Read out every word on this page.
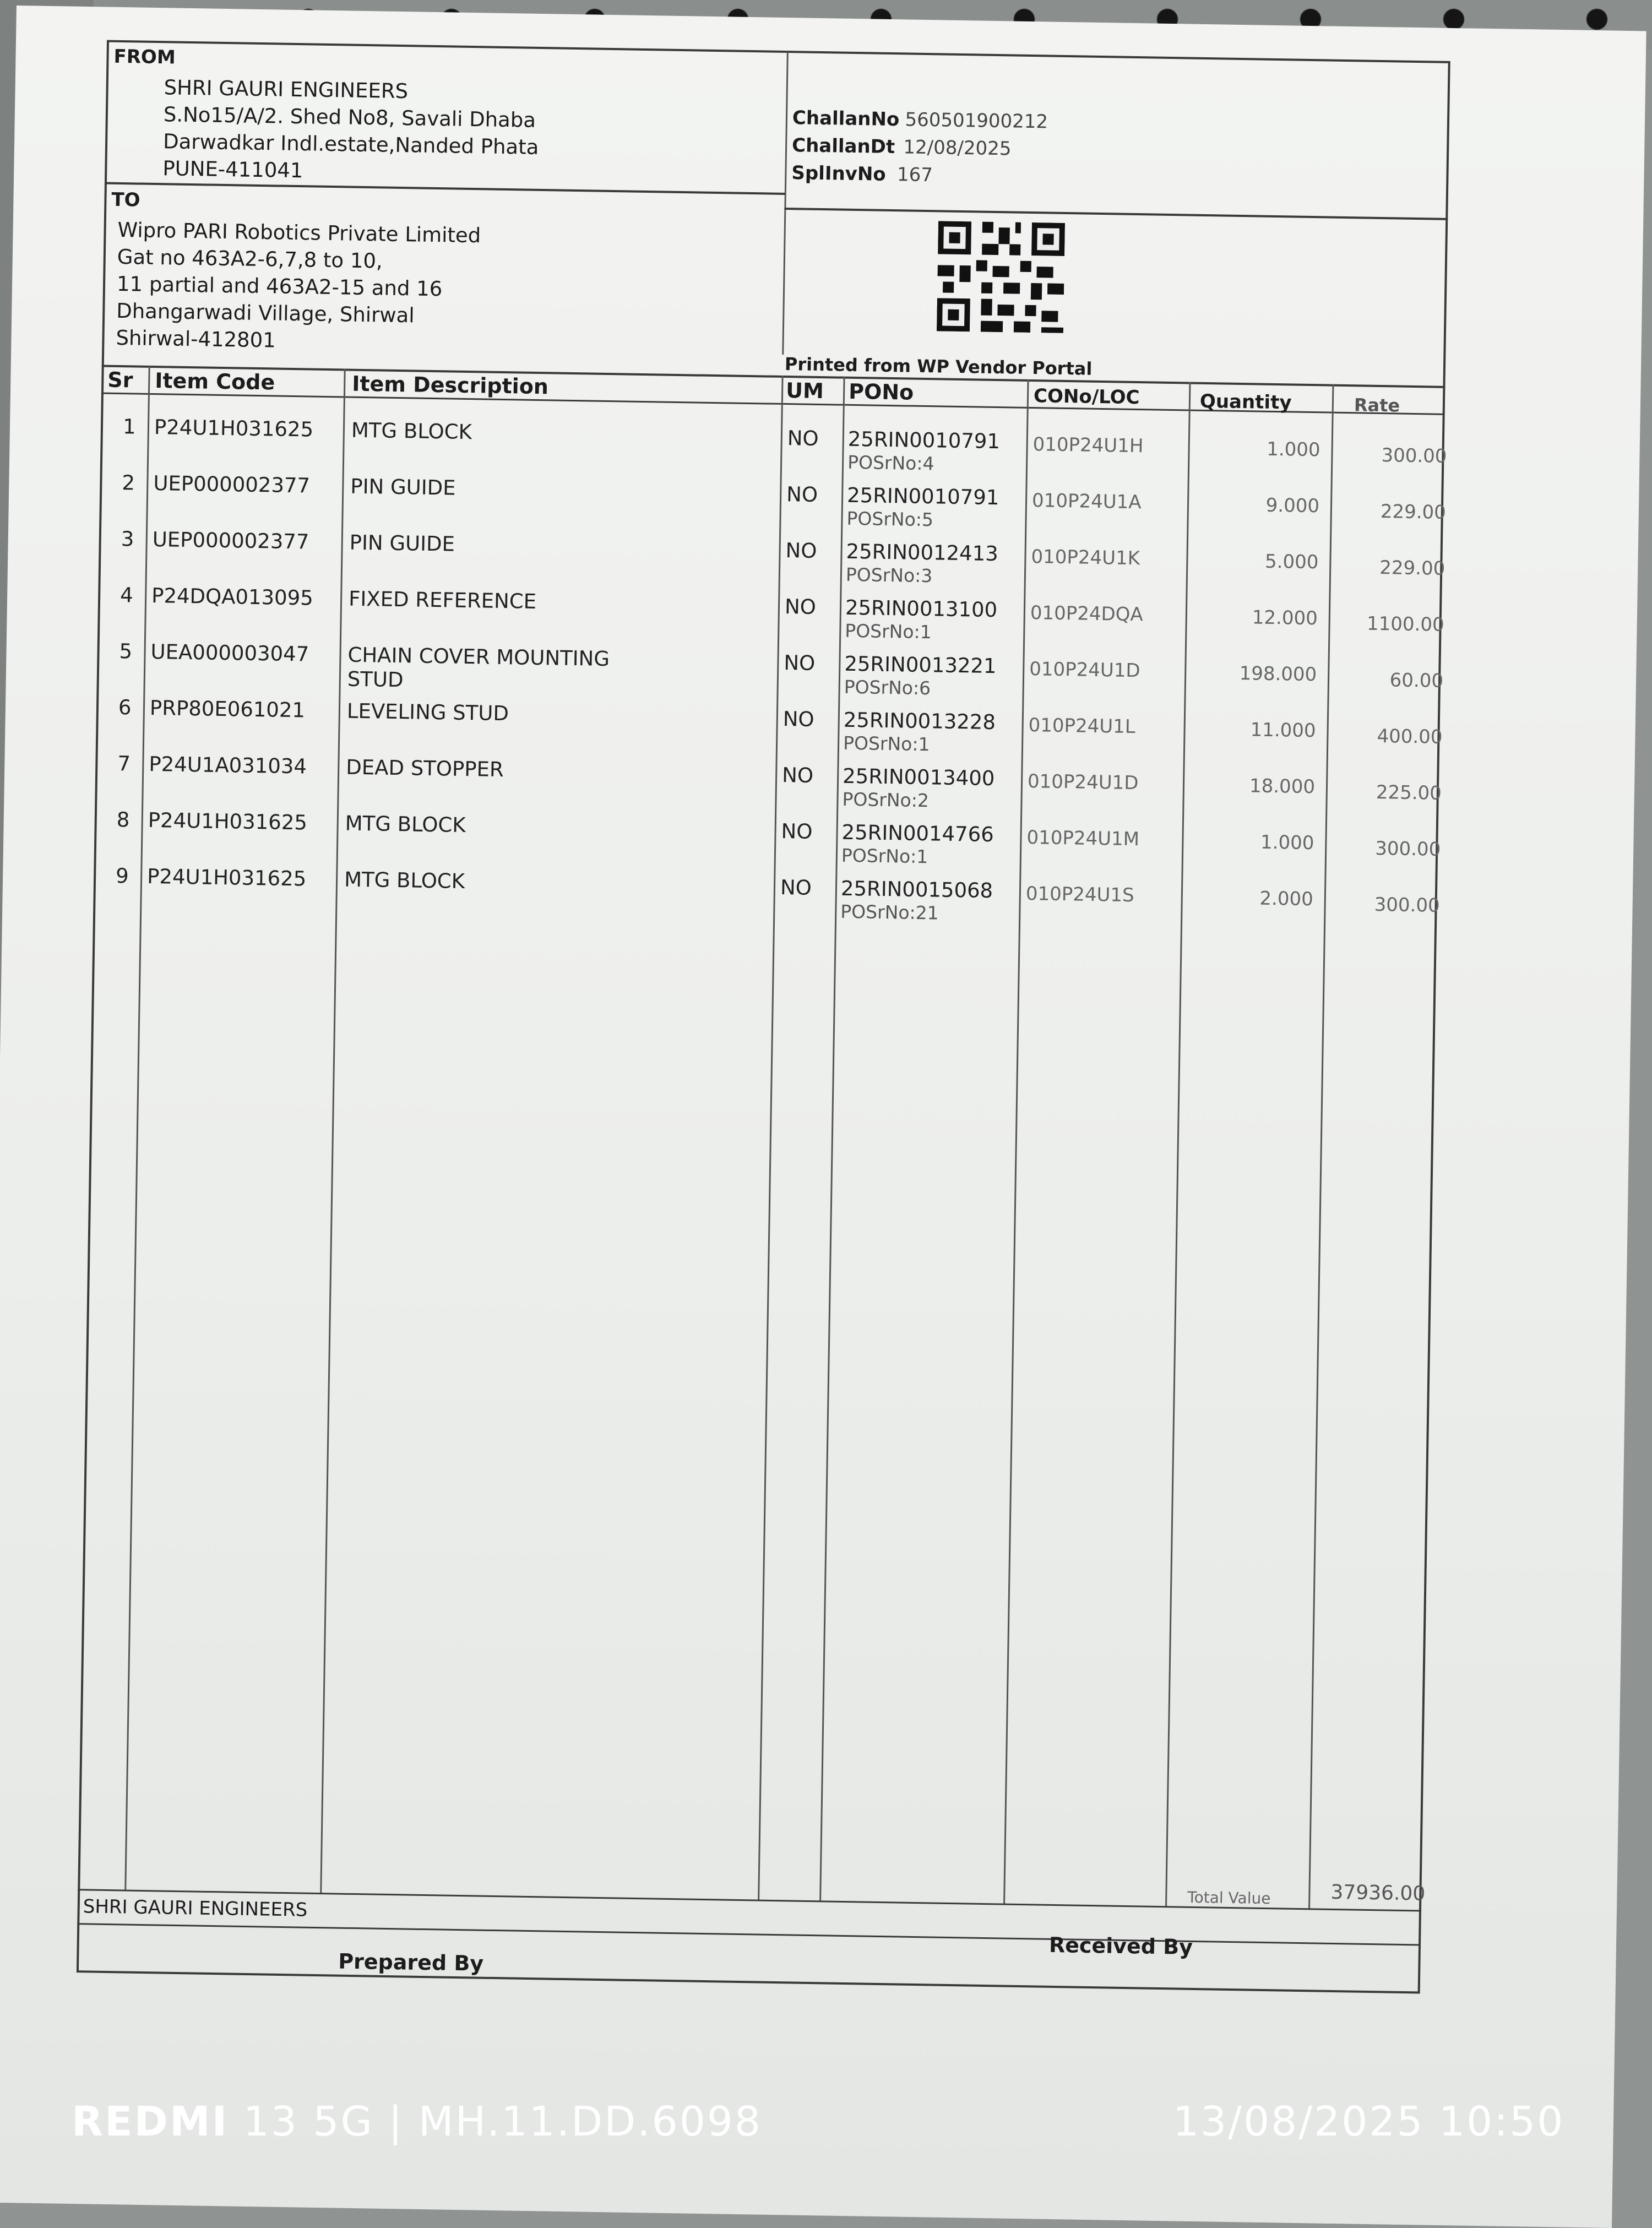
FROM
SHRI GAURI ENGINEERS
S.No15/A/2. Shed No8, Savali Dhaba
Darwadkar Indl.estate,Nanded Phata
PUNE-411041
ChallanNo 560501900212
ChallanDt 12/08/2025
SplInvNo 167
TO
Wipro PARI Robotics Private Limited
Gat no 463A2-6,7,8 to 10,
11 partial and 463A2-15 and 16
Dhangarwadi Village, Shirwal
Shirwal-412801
Printed from WP Vendor Portal
Sr Item Code	Item Description	UM PONo	CONo/LOC	Quantity	Rate
1 P24U1H031625 MTG BLOCK	NO 25RIN0010791
POSrNo:4
010P24U1H	1.000	300.00
2 UEP000002377 PIN GUIDE	NO 25RIN0010791
POSrNo:5
010P24U1A	9.000	229.00
3 UEP000002377 PIN GUIDE	NO 25RIN0012413
POSrNo:3
010P24U1K	5.000	229.00
4 P24DQA013095 FIXED REFERENCE	NO 25RIN0013100
POSrNo:1
010P24DQA	12.000	1100.00
5 UEA000003047 CHAIN COVER MOUNTING
STUD
NO 25RIN0013221
POSrNo:6
010P24U1D	198.000	60.00
6 PRP80E061021 LEVELING STUD	NO 25RIN0013228
POSrNo:1
010P24U1L	11.000	400.00
7 P24U1A031034 DEAD STOPPER	NO 25RIN0013400
POSrNo:2
010P24U1D	18.000	225.00
8 P24U1H031625 MTG BLOCK	NO 25RIN0014766
POSrNo:1
010P24U1M	1.000	300.00
9 P24U1H031625 MTG BLOCK	NO 25RIN0015068
POSrNo:21
010P24U1S	2.000	300.00
Total Value	37936.00
SHRI GAURI ENGINEERS
Received By
Prepared By
REDMI 13 5G | MH.11.DD.6098	13/08/2025 10:50
